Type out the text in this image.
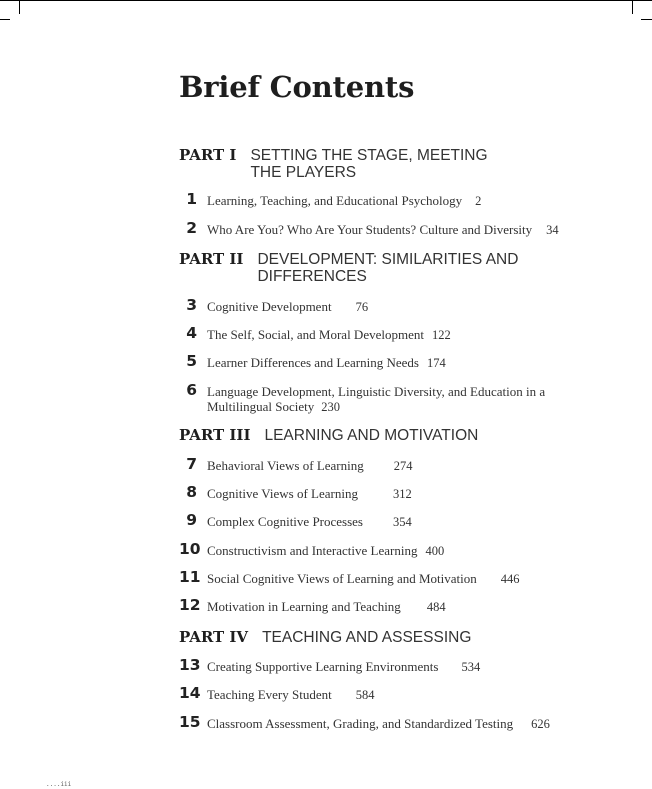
Brief Contents
PART I SETTING THE STAGE, MEETING THE PLAYERS
1 Learning, Teaching, and Educational Psychology 2
2 Who Are You? Who Are Your Students? Culture and Diversity 34
PART II DEVELOPMENT: SIMILARITIES AND DIFFERENCES
3 Cognitive Development 76
4 The Self, Social, and Moral Development 122
5 Learner Differences and Learning Needs 174
6 Language Development, Linguistic Diversity, and Education in a Multilingual Society 230
PART III LEARNING AND MOTIVATION
7 Behavioral Views of Learning 274
8 Cognitive Views of Learning	312
9 Complex Cognitive Processes 354
10 Constructivism and Interactive Learning 400
11 Social Cognitive Views of Learning and Motivation 446
12 Motivation in Learning and Teaching 484
PART IV TEACHING AND ASSESSING
13 Creating Supportive Learning Environments 534
14 Teaching Every Student 584
15 Classroom Assessment, Grading, and Standardized Testing 626
....iii
